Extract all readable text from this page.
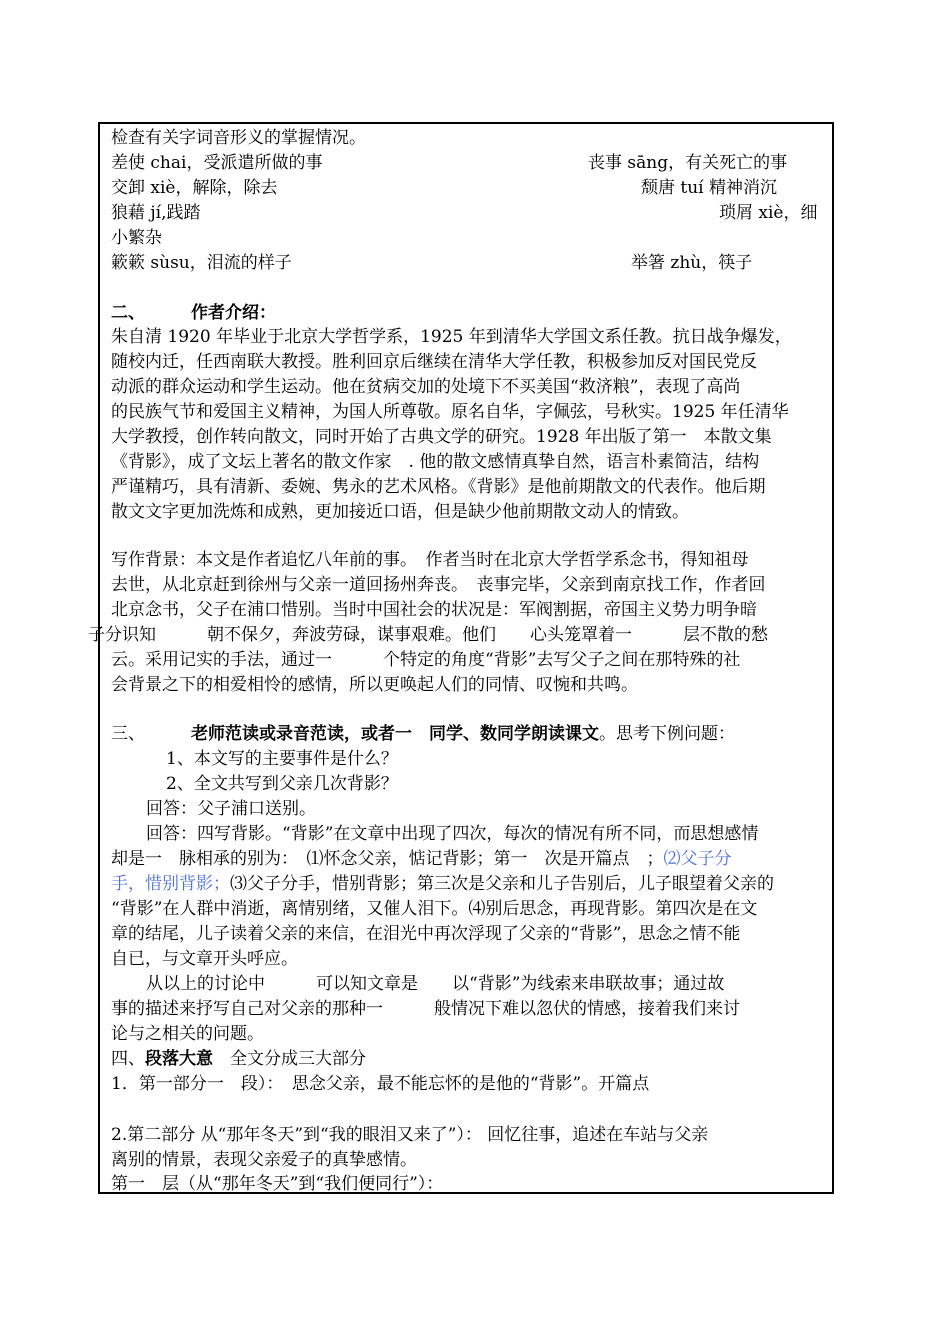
检查有关字词音形义的掌握情况。
差使 chai，受派遣所做的事	丧事 sāng，有关死亡的事
交卸 xiè，解除，除去	颓唐 tuí 精神消沉
狼藉 jí,践踏	琐屑 xiè，细
小繁杂
簌簌 sùsu，泪流的样子	举箸 zhù，筷子
二、	作者介绍：
朱自清 1920 年毕业于北京大学哲学系，1925 年到清华大学国文系任教。抗日战争爆发，
随校内迁，任西南联大教授。胜利回京后继续在清华大学任教，积极参加反对国民党反
动派的群众运动和学生运动。他在贫病交加的处境下不买美国“救济粮”，表现了高尚
的民族气节和爱国主义精神，为国人所尊敬。原名自华，字佩弦，号秋实。1925 年任清华
大学教授，创作转向散文，同时开始了古典文学的研究。1928 年出版了第一　本散文集
《背影》，成了文坛上著名的散文作家　. 他的散文感情真挚自然，语言朴素简洁，结构
严谨精巧，具有清新、委婉、隽永的艺术风格。《背影》是他前期散文的代表作。他后期
散文文字更加洗炼和成熟，更加接近口语，但是缺少他前期散文动人的情致。
写作背景：本文是作者追忆八年前的事。　作者当时在北京大学哲学系念书，得知祖母
去世，从北京赶到徐州与父亲一道回扬州奔丧。　丧事完毕，父亲到南京找工作，作者回
北京念书，父子在浦口惜别。当时中国社会的状况是：军阀割据，帝国主义势力明争暗
子分识知　　　朝不保夕，奔波劳碌，谋事艰难。他们　　心头笼罩着一　　　层不散的愁
云。采用记实的手法，通过一　　　个特定的角度“背影”去写父子之间在那特殊的社
会背景之下的相爱相怜的感情，所以更唤起人们的同情、叹惋和共鸣。
三、	老师范读或录音范读，或者一　同学、数同学朗读课文。思考下例问题：
1、本文写的主要事件是什么？
2、全文共写到父亲几次背影？
回答：父子浦口送别。
回答：四写背影。“背影”在文章中出现了四次，每次的情况有所不同，而思想感情
却是一　脉相承的别为：　⑴怀念父亲，惦记背影；第一　次是开篇点　；⑵父子分
手，惜别背影；⑶父子分手，惜别背影；第三次是父亲和儿子告别后，儿子眼望着父亲的
“背影”在人群中消逝，离情别绪，又催人泪下。⑷别后思念，再现背影。第四次是在文
章的结尾，儿子读着父亲的来信，在泪光中再次浮现了父亲的“背影”，思念之情不能
自已，与文章开头呼应。
从以上的讨论中　　　可以知文章是　　以“背影”为线索来串联故事；通过故
事的描述来抒写自己对父亲的那种一　　　般情况下难以忽伏的情感，接着我们来讨
论与之相关的问题。
四、段落大意　全文分成三大部分
1．第一部分一　段）：　思念父亲，最不能忘怀的是他的“背影”。开篇点
2.第二部分 从“那年冬天”到“我的眼泪又来了”）： 回忆往事，追述在车站与父亲
离别的情景，表现父亲爱子的真挚感情。
第一　层（从“那年冬天”到“我们便同行”）：
